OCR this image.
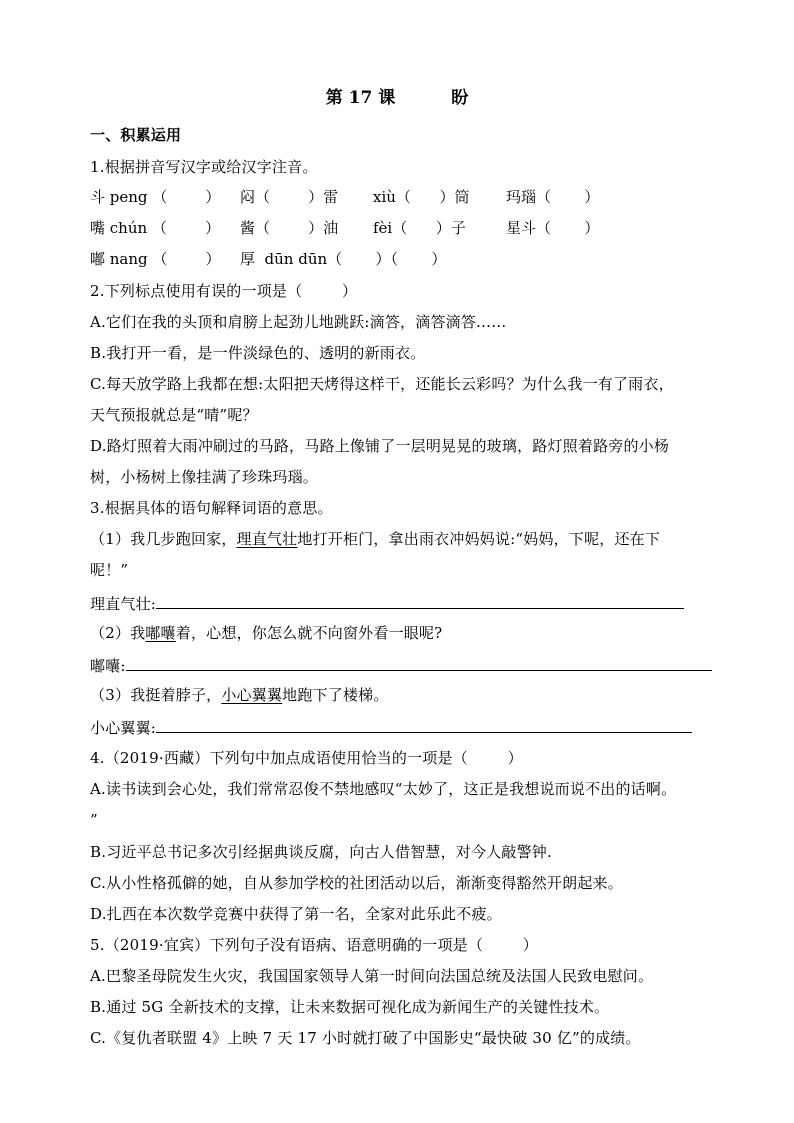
第 17 课	盼
一、积累运用
1.根据拼音写汉字或给汉字注音。
斗 peng （        ） 闷（        ）雷 xiù（      ）筒 玛瑙（       ）
嘴 chún （        ） 酱（        ）油 fèi（      ）子	星斗（       ）
嘟 nang （        ） 厚  dūn dūn（       ）（       ）
2.下列标点使用有误的一项是（        ）
A.它们在我的头顶和肩膀上起劲儿地跳跃:滴答，滴答滴答……
B.我打开一看，是一件淡绿色的、透明的新雨衣。
C.每天放学路上我都在想:太阳把天烤得这样干，还能长云彩吗？为什么我一有了雨衣，
天气预报就总是“晴”呢？
D.路灯照着大雨冲刷过的马路，马路上像铺了一层明晃晃的玻璃，路灯照着路旁的小杨
树，小杨树上像挂满了珍珠玛瑙。
3.根据具体的语句解释词语的意思。
（1）我几步跑回家，理直气壮地打开柜门，拿出雨衣冲妈妈说:“妈妈，下呢，还在下
呢！”
理直气壮:
（2）我嘟囔着，心想，你怎么就不向窗外看一眼呢?
嘟囔:
（3）我挺着脖子，小心翼翼地跑下了楼梯。
小心翼翼:
4.（2019·西藏）下列句中加点成语使用恰当的一项是（        ）
A.读书读到会心处，我们常常忍俊不禁地感叹“太妙了，这正是我想说而说不出的话啊。
”
B.习近平总书记多次引经据典谈反腐，向古人借智慧，对今人敲警钟.
C.从小性格孤僻的她，自从参加学校的社团活动以后，渐渐变得豁然开朗起来。
D.扎西在本次数学竞赛中获得了第一名，全家对此乐此不疲。
5.（2019·宜宾）下列句子没有语病、语意明确的一项是（        ）
A.巴黎圣母院发生火灾，我国国家领导人第一时间向法国总统及法国人民致电慰问。
B.通过 5G 全新技术的支撑，让未来数据可视化成为新闻生产的关键性技术。
C.《复仇者联盟 4》上映 7 天 17 小时就打破了中国影史“最快破 30 亿”的成绩。
